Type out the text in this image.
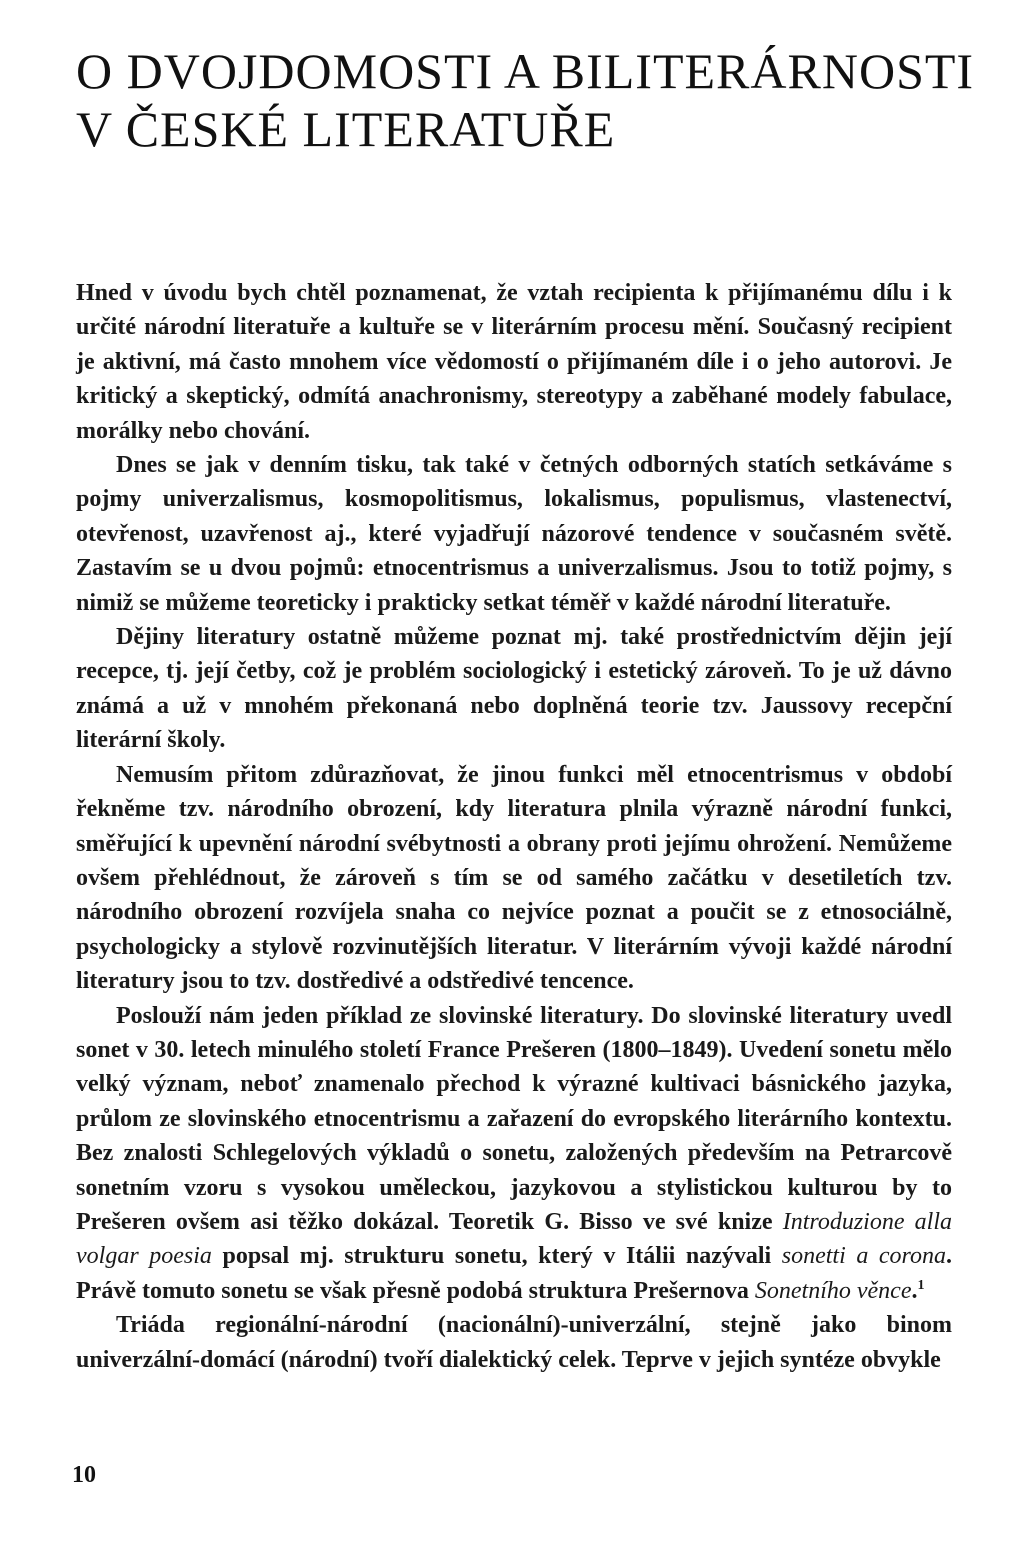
O DVOJDOMOSTI A BILITERÁRNOSTI
V ČESKÉ LITERATUŘE

Hned v úvodu bych chtěl poznamenat, že vztah recipienta k přijímanému dílu i k určité národní literatuře a kultuře se v literárním procesu mění. Současný recipient je aktivní, má často mnohem více vědomostí o přijímaném díle i o jeho autorovi. Je kritický a skeptický, odmítá anachronismy, stereotypy a zaběhané modely fabulace, morálky nebo chování.

Dnes se jak v denním tisku, tak také v četných odborných statích setkáváme s pojmy univerzalismus, kosmopolitismus, lokalismus, populismus, vlastenectví, otevřenost, uzavřenost aj., které vyjadřují názorové tendence v současném světě. Zastavím se u dvou pojmů: etnocentrismus a univerzalismus. Jsou to totiž pojmy, s nimiž se můžeme teoreticky i prakticky setkat téměř v každé národní literatuře.

Dějiny literatury ostatně můžeme poznat mj. také prostřednictvím dějin její recepce, tj. její četby, což je problém sociologický i estetický zároveň. To je už dávno známá a už v mnohém překonaná nebo doplněná teorie tzv. Jaussovy recepční literární školy.

Nemusím přitom zdůrazňovat, že jinou funkci měl etnocentrismus v období řekněme tzv. národního obrození, kdy literatura plnila výrazně národní funkci, směřující k upevnění národní svébytnosti a obrany proti jejímu ohrožení. Nemůžeme ovšem přehlédnout, že zároveň s tím se od samého začátku v desetiletích tzv. národního obrození rozvíjela snaha co nejvíce poznat a poučit se z etnosociálně, psychologicky a stylově rozvinutějších literatur. V literárním vývoji každé národní literatury jsou to tzv. dostředivé a odstředivé tencence.

Poslouží nám jeden příklad ze slovinské literatury. Do slovinské literatury uvedl sonet v 30. letech minulého století France Prešeren (1800–1849). Uvedení sonetu mělo velký význam, neboť znamenalo přechod k výrazné kultivaci básnického jazyka, průlom ze slovinského etnocentrismu a zařazení do evropského literárního kontextu. Bez znalosti Schlegelových výkladů o sonetu, založených především na Petrarcově sonetním vzoru s vysokou uměleckou, jazykovou a stylistickou kulturou by to Prešeren ovšem asi těžko dokázal. Teoretik G. Bisso ve své knize Introduzione alla volgar poesia popsal mj. strukturu sonetu, který v Itálii nazývali sonetti a corona. Právě tomuto sonetu se však přesně podobá struktura Prešernova Sonetního věnce.$^1$

Triáda regionální-národní (nacionální)-univerzální, stejně jako binom univerzální-domácí (národní) tvoří dialektický celek. Teprve v jejich syntéze obvykle

10
